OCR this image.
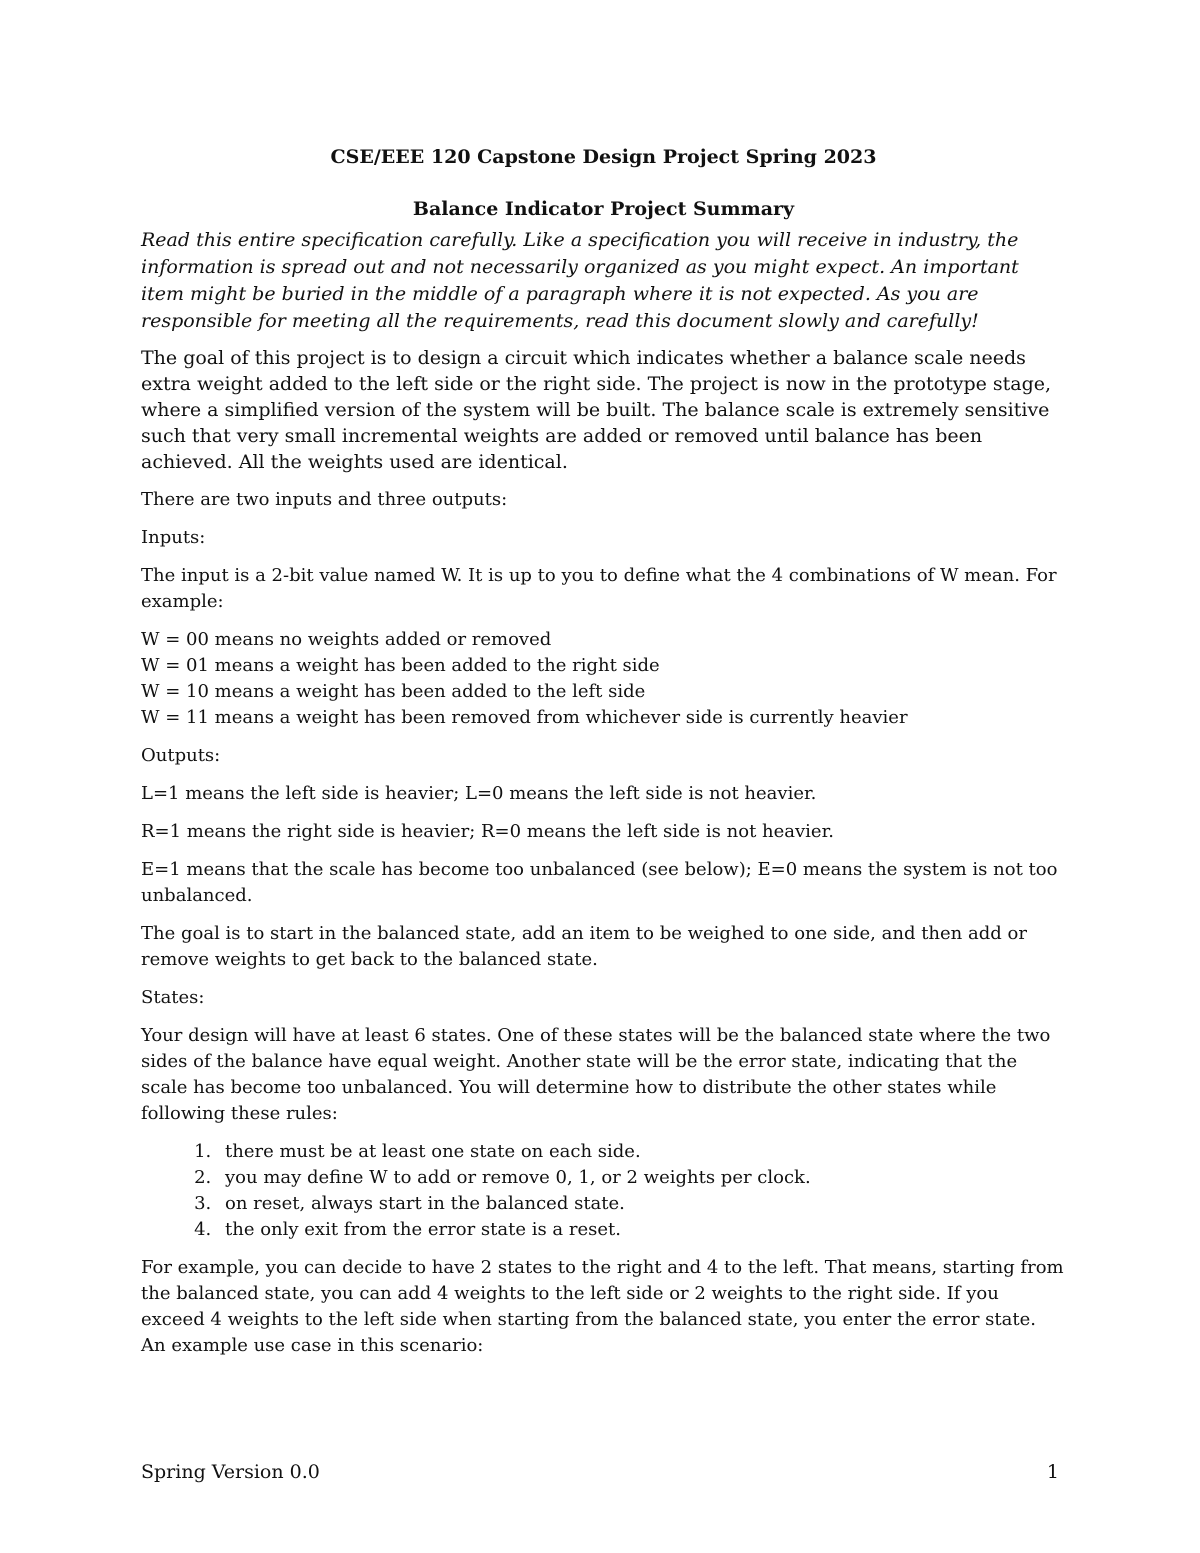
CSE/EEE 120 Capstone Design Project Spring 2023
Balance Indicator Project Summary
Read this entire specification carefully. Like a specification you will receive in industry, the information is spread out and not necessarily organized as you might expect. An important item might be buried in the middle of a paragraph where it is not expected. As you are responsible for meeting all the requirements, read this document slowly and carefully!

The goal of this project is to design a circuit which indicates whether a balance scale needs extra weight added to the left side or the right side. The project is now in the prototype stage, where a simplified version of the system will be built. The balance scale is extremely sensitive such that very small incremental weights are added or removed until balance has been achieved. All the weights used are identical.

There are two inputs and three outputs:

Inputs:

The input is a 2-bit value named W. It is up to you to define what the 4 combinations of W mean. For example:

W = 00 means no weights added or removed
W = 01 means a weight has been added to the right side
W = 10 means a weight has been added to the left side
W = 11 means a weight has been removed from whichever side is currently heavier

Outputs:

L=1 means the left side is heavier; L=0 means the left side is not heavier.

R=1 means the right side is heavier; R=0 means the left side is not heavier.

E=1 means that the scale has become too unbalanced (see below); E=0 means the system is not too unbalanced.

The goal is to start in the balanced state, add an item to be weighed to one side, and then add or remove weights to get back to the balanced state.

States:

Your design will have at least 6 states. One of these states will be the balanced state where the two sides of the balance have equal weight. Another state will be the error state, indicating that the scale has become too unbalanced. You will determine how to distribute the other states while following these rules:

1. there must be at least one state on each side.
2. you may define W to add or remove 0, 1, or 2 weights per clock.
3. on reset, always start in the balanced state.
4. the only exit from the error state is a reset.

For example, you can decide to have 2 states to the right and 4 to the left. That means, starting from the balanced state, you can add 4 weights to the left side or 2 weights to the right side. If you exceed 4 weights to the left side when starting from the balanced state, you enter the error state. An example use case in this scenario:

Spring Version 0.0	1
